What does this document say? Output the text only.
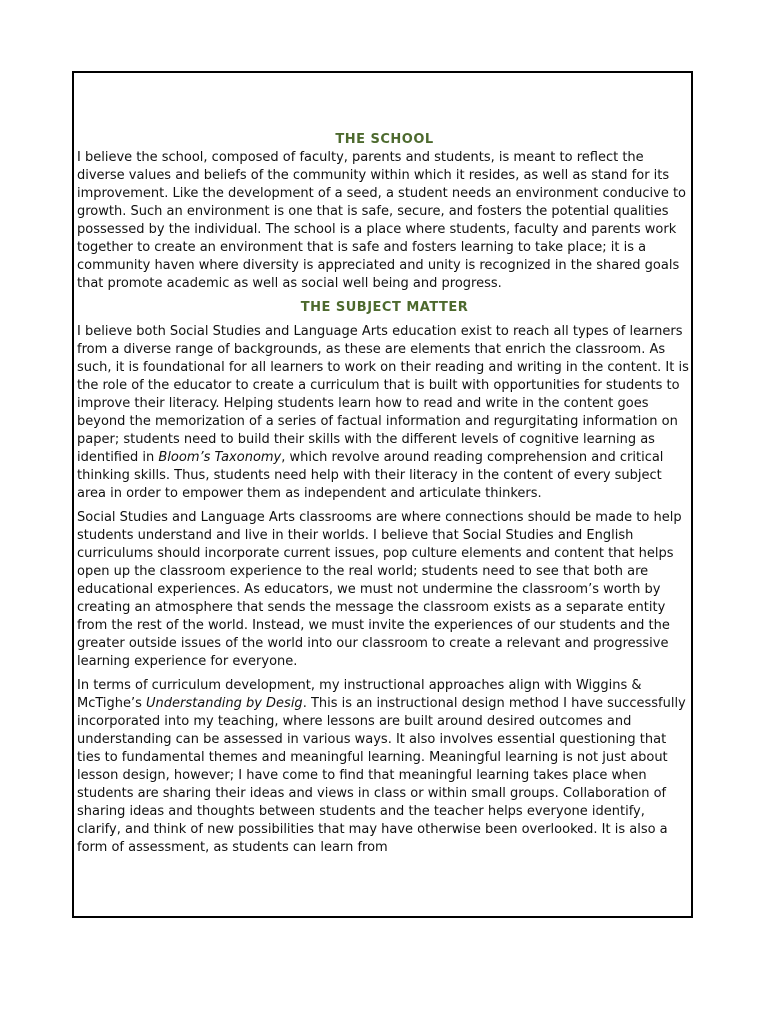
THE SCHOOL

I believe the school, composed of faculty, parents and students, is meant to reflect the diverse values and beliefs of the community within which it resides, as well as stand for its improvement. Like the development of a seed, a student needs an environment conducive to growth. Such an environment is one that is safe, secure, and fosters the potential qualities possessed by the individual. The school is a place where students, faculty and parents work together to create an environment that is safe and fosters learning to take place; it is a community haven where diversity is appreciated and unity is recognized in the shared goals that promote academic as well as social well being and progress.

THE SUBJECT MATTER

I believe both Social Studies and Language Arts education exist to reach all types of learners from a diverse range of backgrounds, as these are elements that enrich the classroom. As such, it is foundational for all learners to work on their reading and writing in the content. It is the role of the educator to create a curriculum that is built with opportunities for students to improve their literacy. Helping students learn how to read and write in the content goes beyond the memorization of a series of factual information and regurgitating information on paper; students need to build their skills with the different levels of cognitive learning as identified in Bloom’s Taxonomy, which revolve around reading comprehension and critical thinking skills. Thus, students need help with their literacy in the content of every subject area in order to empower them as independent and articulate thinkers.

Social Studies and Language Arts classrooms are where connections should be made to help students understand and live in their worlds. I believe that Social Studies and English curriculums should incorporate current issues, pop culture elements and content that helps open up the classroom experience to the real world; students need to see that both are educational experiences. As educators, we must not undermine the classroom’s worth by creating an atmosphere that sends the message the classroom exists as a separate entity from the rest of the world. Instead, we must invite the experiences of our students and the greater outside issues of the world into our classroom to create a relevant and progressive learning experience for everyone.

In terms of curriculum development, my instructional approaches align with Wiggins & McTighe’s Understanding by Desig. This is an instructional design method I have successfully incorporated into my teaching, where lessons are built around desired outcomes and understanding can be assessed in various ways. It also involves essential questioning that ties to fundamental themes and meaningful learning. Meaningful learning is not just about lesson design, however; I have come to find that meaningful learning takes place when students are sharing their ideas and views in class or within small groups. Collaboration of sharing ideas and thoughts between students and the teacher helps everyone identify, clarify, and think of new possibilities that may have otherwise been overlooked. It is also a form of assessment, as students can learn from
